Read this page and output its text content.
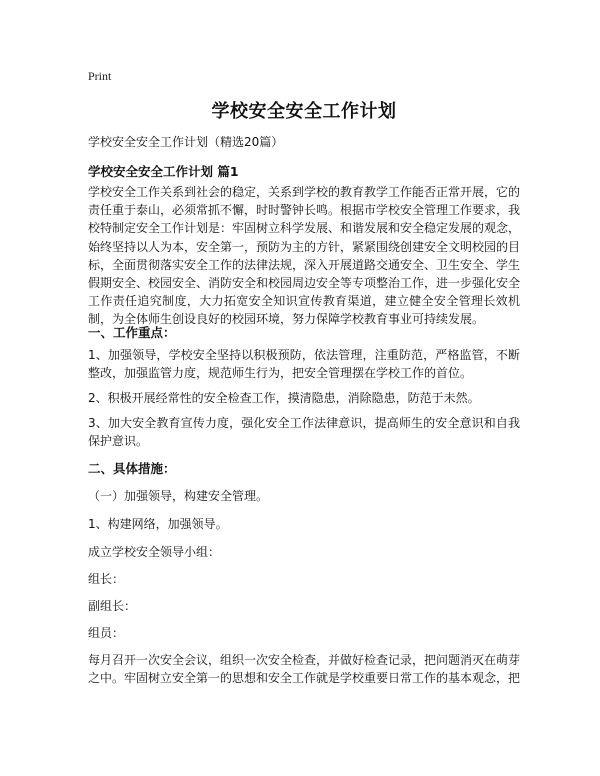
Print
学校安全安全工作计划
学校安全安全工作计划（精选20篇）
学校安全安全工作计划 篇1
学校安全工作关系到社会的稳定，关系到学校的教育教学工作能否正常开展，它的责任重于泰山，必须常抓不懈，时时警钟长鸣。根据市学校安全管理工作要求，我校特制定安全工作计划是：牢固树立科学发展、和谐发展和安全稳定发展的观念，始终坚持以人为本，安全第一，预防为主的方针，紧紧围绕创建安全文明校园的目标，全面贯彻落实安全工作的法律法规，深入开展道路交通安全、卫生安全、学生假期安全、校园安全、消防安全和校园周边安全等专项整治工作，进一步强化安全工作责任追究制度，大力拓宽安全知识宣传教育渠道，建立健全安全管理长效机制，为全体师生创设良好的校园环境，努力保障学校教育事业可持续发展。
一、工作重点：
1、加强领导，学校安全坚持以积极预防，依法管理，注重防范，严格监管，不断整改，加强监管力度，规范师生行为，把安全管理摆在学校工作的首位。
2、积极开展经常性的安全检查工作，摸清隐患，消除隐患，防范于未然。
3、加大安全教育宣传力度，强化安全工作法律意识，提高师生的安全意识和自我保护意识。
二、具体措施：
（一）加强领导，构建安全管理。
1、构建网络，加强领导。
成立学校安全领导小组：
组长：
副组长：
组员：
每月召开一次安全会议，组织一次安全检查，并做好检查记录，把问题消灭在萌芽之中。牢固树立安全第一的思想和安全工作就是学校重要日常工作的基本观念，把
